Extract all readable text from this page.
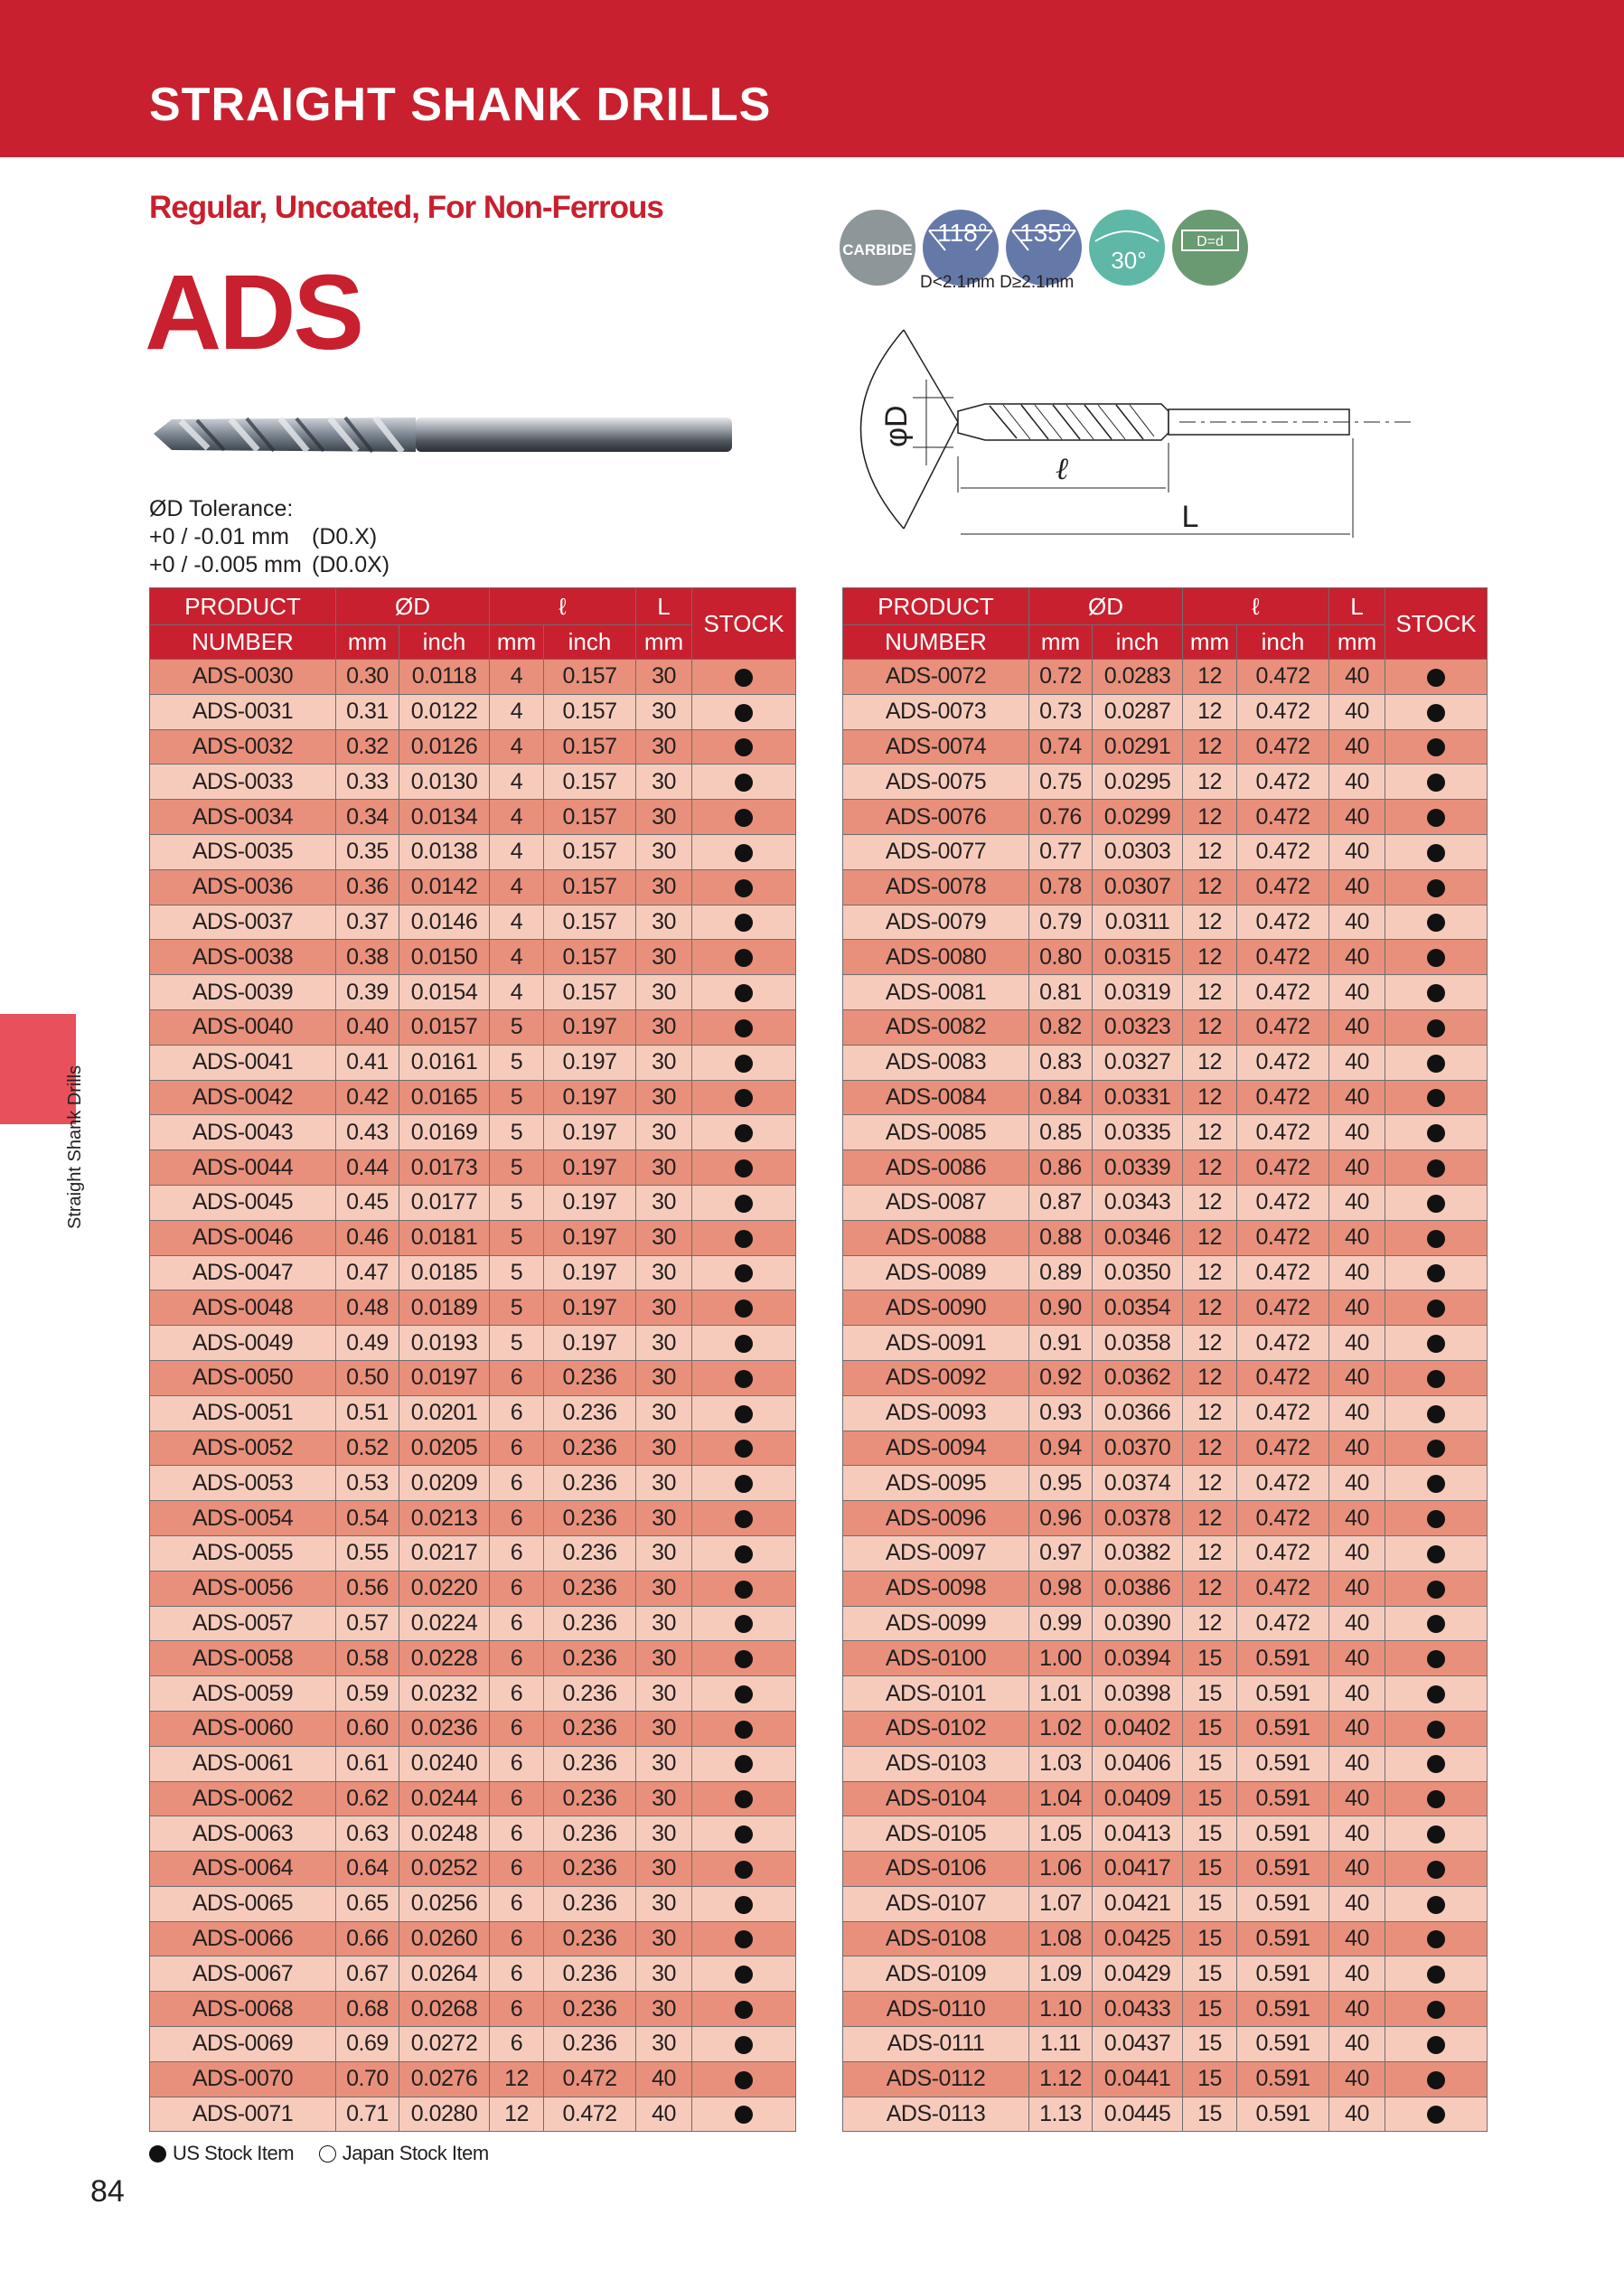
STRAIGHT SHANK DRILLS
Regular, Uncoated, For Non-Ferrous
ADS
ØD Tolerance:
+0 / -0.01 mm (D0.X)
+0 / -0.005 mm (D0.0X)
CARBIDE
118° 135°
30°
D=d
D<2.1mm D≥2.1mm
φD
ℓ
L
Straight Shank Drills
PRODUCT	ØD		ℓ		L	STOCK
NUMBER	mm	inch	mm	inch	mm	
ADS-0030	0.30	0.0118	4	0.157	30	
ADS-0031	0.31	0.0122	4	0.157	30	
ADS-0032	0.32	0.0126	4	0.157	30	
ADS-0033	0.33	0.0130	4	0.157	30	
ADS-0034	0.34	0.0134	4	0.157	30	
ADS-0035	0.35	0.0138	4	0.157	30	
ADS-0036	0.36	0.0142	4	0.157	30	
ADS-0037	0.37	0.0146	4	0.157	30	
ADS-0038	0.38	0.0150	4	0.157	30	
ADS-0039	0.39	0.0154	4	0.157	30	
ADS-0040	0.40	0.0157	5	0.197	30	
ADS-0041	0.41	0.0161	5	0.197	30	
ADS-0042	0.42	0.0165	5	0.197	30	
ADS-0043	0.43	0.0169	5	0.197	30	
ADS-0044	0.44	0.0173	5	0.197	30	
ADS-0045	0.45	0.0177	5	0.197	30	
ADS-0046	0.46	0.0181	5	0.197	30	
ADS-0047	0.47	0.0185	5	0.197	30	
ADS-0048	0.48	0.0189	5	0.197	30	
ADS-0049	0.49	0.0193	5	0.197	30	
ADS-0050	0.50	0.0197	6	0.236	30	
ADS-0051	0.51	0.0201	6	0.236	30	
ADS-0052	0.52	0.0205	6	0.236	30	
ADS-0053	0.53	0.0209	6	0.236	30	
ADS-0054	0.54	0.0213	6	0.236	30	
ADS-0055	0.55	0.0217	6	0.236	30	
ADS-0056	0.56	0.0220	6	0.236	30	
ADS-0057	0.57	0.0224	6	0.236	30	
ADS-0058	0.58	0.0228	6	0.236	30	
ADS-0059	0.59	0.0232	6	0.236	30	
ADS-0060	0.60	0.0236	6	0.236	30	
ADS-0061	0.61	0.0240	6	0.236	30	
ADS-0062	0.62	0.0244	6	0.236	30	
ADS-0063	0.63	0.0248	6	0.236	30	
ADS-0064	0.64	0.0252	6	0.236	30	
ADS-0065	0.65	0.0256	6	0.236	30	
ADS-0066	0.66	0.0260	6	0.236	30	
ADS-0067	0.67	0.0264	6	0.236	30	
ADS-0068	0.68	0.0268	6	0.236	30	
ADS-0069	0.69	0.0272	6	0.236	30	
ADS-0070	0.70	0.0276	12	0.472	40	
ADS-0071	0.71	0.0280	12	0.472	40	
PRODUCT	ØD		ℓ		L	STOCK
NUMBER	mm	inch	mm	inch	mm	
ADS-0072	0.72	0.0283	12	0.472	40	
ADS-0073	0.73	0.0287	12	0.472	40	
ADS-0074	0.74	0.0291	12	0.472	40	
ADS-0075	0.75	0.0295	12	0.472	40	
ADS-0076	0.76	0.0299	12	0.472	40	
ADS-0077	0.77	0.0303	12	0.472	40	
ADS-0078	0.78	0.0307	12	0.472	40	
ADS-0079	0.79	0.0311	12	0.472	40	
ADS-0080	0.80	0.0315	12	0.472	40	
ADS-0081	0.81	0.0319	12	0.472	40	
ADS-0082	0.82	0.0323	12	0.472	40	
ADS-0083	0.83	0.0327	12	0.472	40	
ADS-0084	0.84	0.0331	12	0.472	40	
ADS-0085	0.85	0.0335	12	0.472	40	
ADS-0086	0.86	0.0339	12	0.472	40	
ADS-0087	0.87	0.0343	12	0.472	40	
ADS-0088	0.88	0.0346	12	0.472	40	
ADS-0089	0.89	0.0350	12	0.472	40	
ADS-0090	0.90	0.0354	12	0.472	40	
ADS-0091	0.91	0.0358	12	0.472	40	
ADS-0092	0.92	0.0362	12	0.472	40	
ADS-0093	0.93	0.0366	12	0.472	40	
ADS-0094	0.94	0.0370	12	0.472	40	
ADS-0095	0.95	0.0374	12	0.472	40	
ADS-0096	0.96	0.0378	12	0.472	40	
ADS-0097	0.97	0.0382	12	0.472	40	
ADS-0098	0.98	0.0386	12	0.472	40	
ADS-0099	0.99	0.0390	12	0.472	40	
ADS-0100	1.00	0.0394	15	0.591	40	
ADS-0101	1.01	0.0398	15	0.591	40	
ADS-0102	1.02	0.0402	15	0.591	40	
ADS-0103	1.03	0.0406	15	0.591	40	
ADS-0104	1.04	0.0409	15	0.591	40	
ADS-0105	1.05	0.0413	15	0.591	40	
ADS-0106	1.06	0.0417	15	0.591	40	
ADS-0107	1.07	0.0421	15	0.591	40	
ADS-0108	1.08	0.0425	15	0.591	40	
ADS-0109	1.09	0.0429	15	0.591	40	
ADS-0110	1.10	0.0433	15	0.591	40	
ADS-0111	1.11	0.0437	15	0.591	40	
ADS-0112	1.12	0.0441	15	0.591	40	
ADS-0113	1.13	0.0445	15	0.591	40	
US Stock Item Japan Stock Item
84
